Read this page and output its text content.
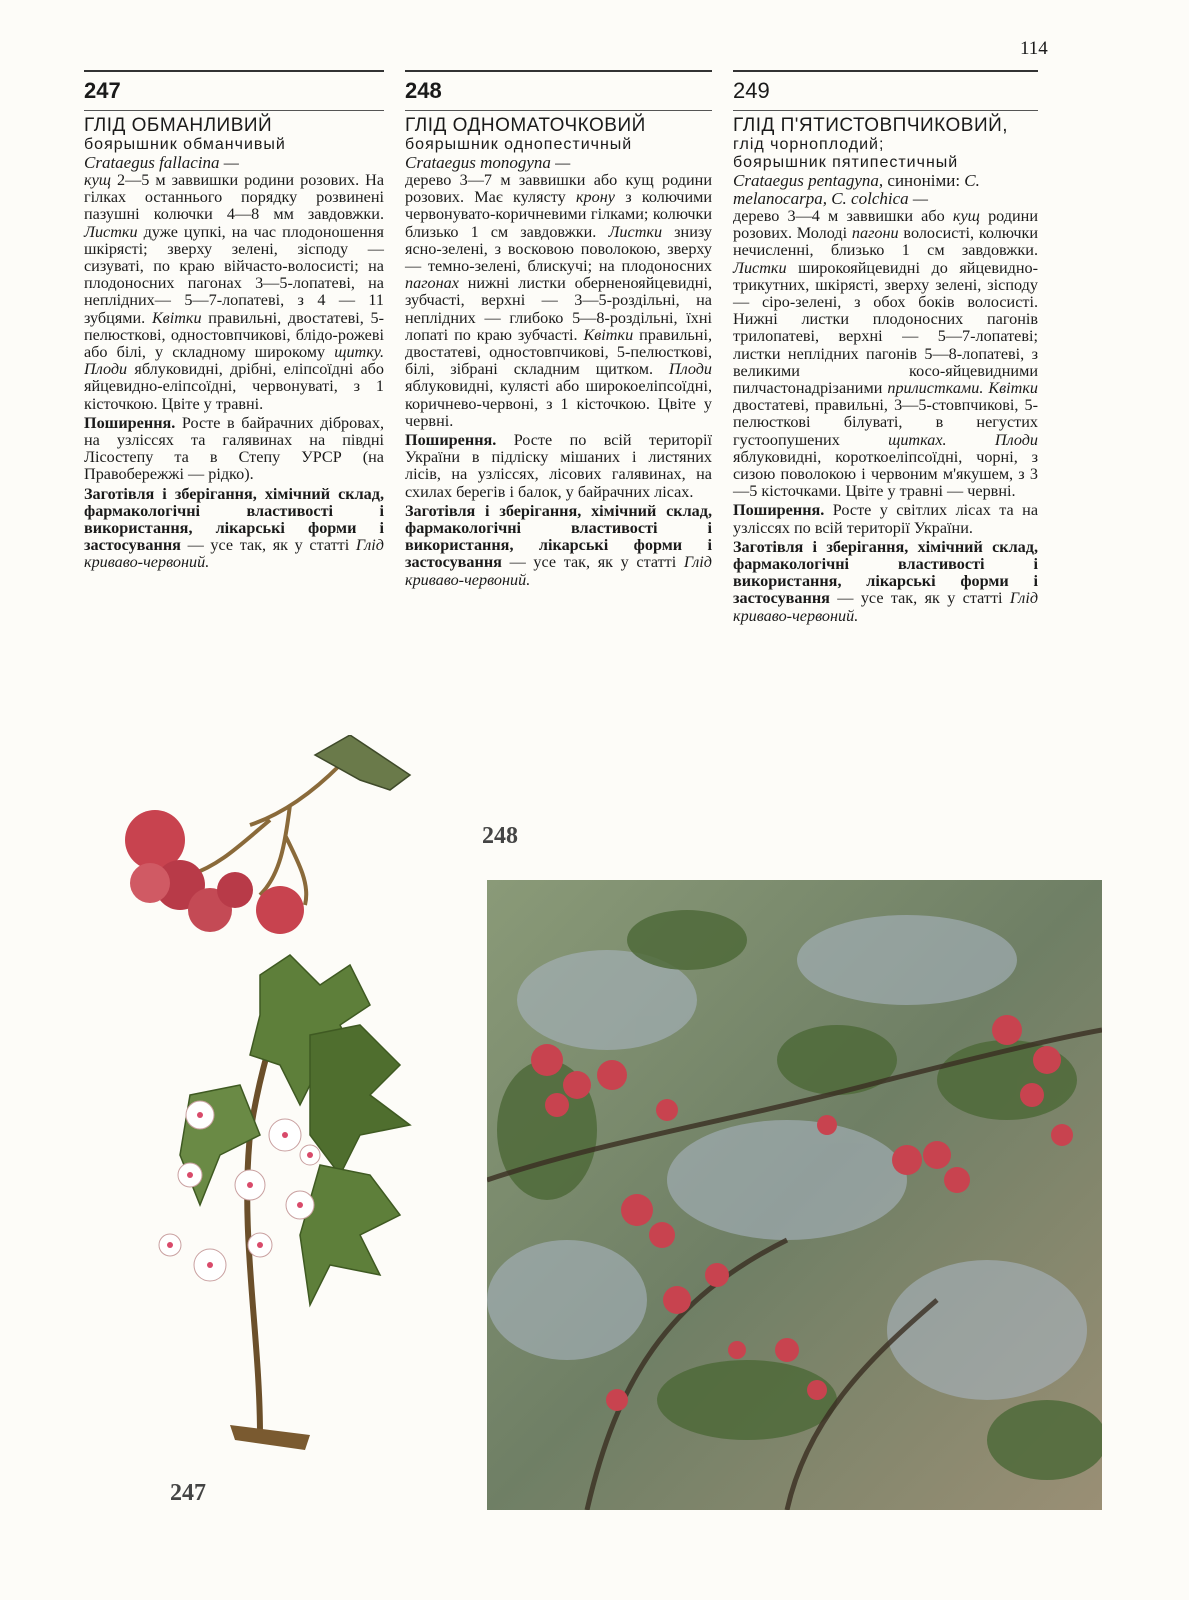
114
247
ГЛІД ОБМАНЛИВИЙ
боярышник обманчивый
Crataegus fallacina —

кущ 2—5 м заввишки родини розових. На гілках останнього порядку розвинені пазушні колючки 4—8 мм завдовжки. Листки дуже цупкі, на час плодоношення шкірясті; зверху зелені, зісподу — сизуваті, по краю війчасто-волосисті; на плодоносних пагонах 3—5-лопатеві, на неплідних— 5—7-лопатеві, з 4 — 11 зубцями. Квітки правильні, двостатеві, 5-пелюсткові, одностовпчикові, блідо-рожеві або білі, у складному широкому щитку. Плоди яблуковидні, дрібні, еліпсоїдні або яйцевидно-еліпсоїдні, червонуваті, з 1 кісточкою. Цвіте у травні.

Поширення. Росте в байрачних дібровах, на узліссях та галявинах на півдні Лісостепу та в Степу УРСР (на Правобережжі — рідко).
Заготівля і зберігання, хімічний склад, фармакологічні властивості і використання, лікарські форми і застосування — усе так, як у статті Глід криваво-червоний.
248
ГЛІД ОДНОМАТОЧКОВИЙ
боярышник однопестичный
Crataegus monogyna —

дерево 3—7 м заввишки або кущ родини розових. Має кулясту крону з колючими червонувато-коричневими гілками; колючки близько 1 см завдовжки. Листки знизу ясно-зелені, з восковою поволокою, зверху — темно-зелені, блискучі; на плодоносних пагонах нижні листки оберненояйцевидні, зубчасті, верхні — 3—5-роздільні, на неплідних — глибоко 5—8-роздільні, їхні лопаті по краю зубчасті. Квітки правильні, двостатеві, одностовпчикові, 5-пелюсткові, білі, зібрані складним щитком. Плоди яблуковидні, кулясті або широкоеліпсоїдні, коричнево-червоні, з 1 кісточкою. Цвіте у червні.

Поширення. Росте по всій території України в підліску мішаних і листяних лісів, на узліссях, лісових галявинах, на схилах берегів і балок, у байрачних лісах.
Заготівля і зберігання, хімічний склад, фармакологічні властивості і використання, лікарські форми і застосування — усе так, як у статті Глід криваво-червоний.
249
ГЛІД П'ЯТИСТОВПЧИКОВИЙ,
глід чорноплодий;
боярышник пятипестичный
Crataegus pentagyna, синоніми: C. melanocarpa, C. colchica —

дерево 3—4 м заввишки або кущ родини розових. Молоді пагони волосисті, колючки нечисленні, близько 1 см завдовжки. Листки широкояйцевидні до яйцевидно-трикутних, шкірясті, зверху зелені, зісподу — сіро-зелені, з обох боків волосисті. Нижні листки плодоносних пагонів трилопатеві, верхні — 5—7-лопатеві; листки неплідних пагонів 5—8-лопатеві, з великими косо-яйцевидними пилчастонадрізаними прилистками. Квітки двостатеві, правильні, 3—5-стовпчикові, 5-пелюсткові білуваті, в негустих густоопушених	щитках.	Плоди яблуковидні, короткоеліпсоїдні, чорні, з сизою поволокою і червоним м'якушем, з 3—5 кісточками. Цвіте у травні — червні.

Поширення. Росте у світлих лісах та на узліссях по всій території України.
Заготівля і зберігання, хімічний склад, фармакологічні властивості і використання, лікарські форми і застосування — усе так, як у статті Глід криваво-червоний.
247
248
